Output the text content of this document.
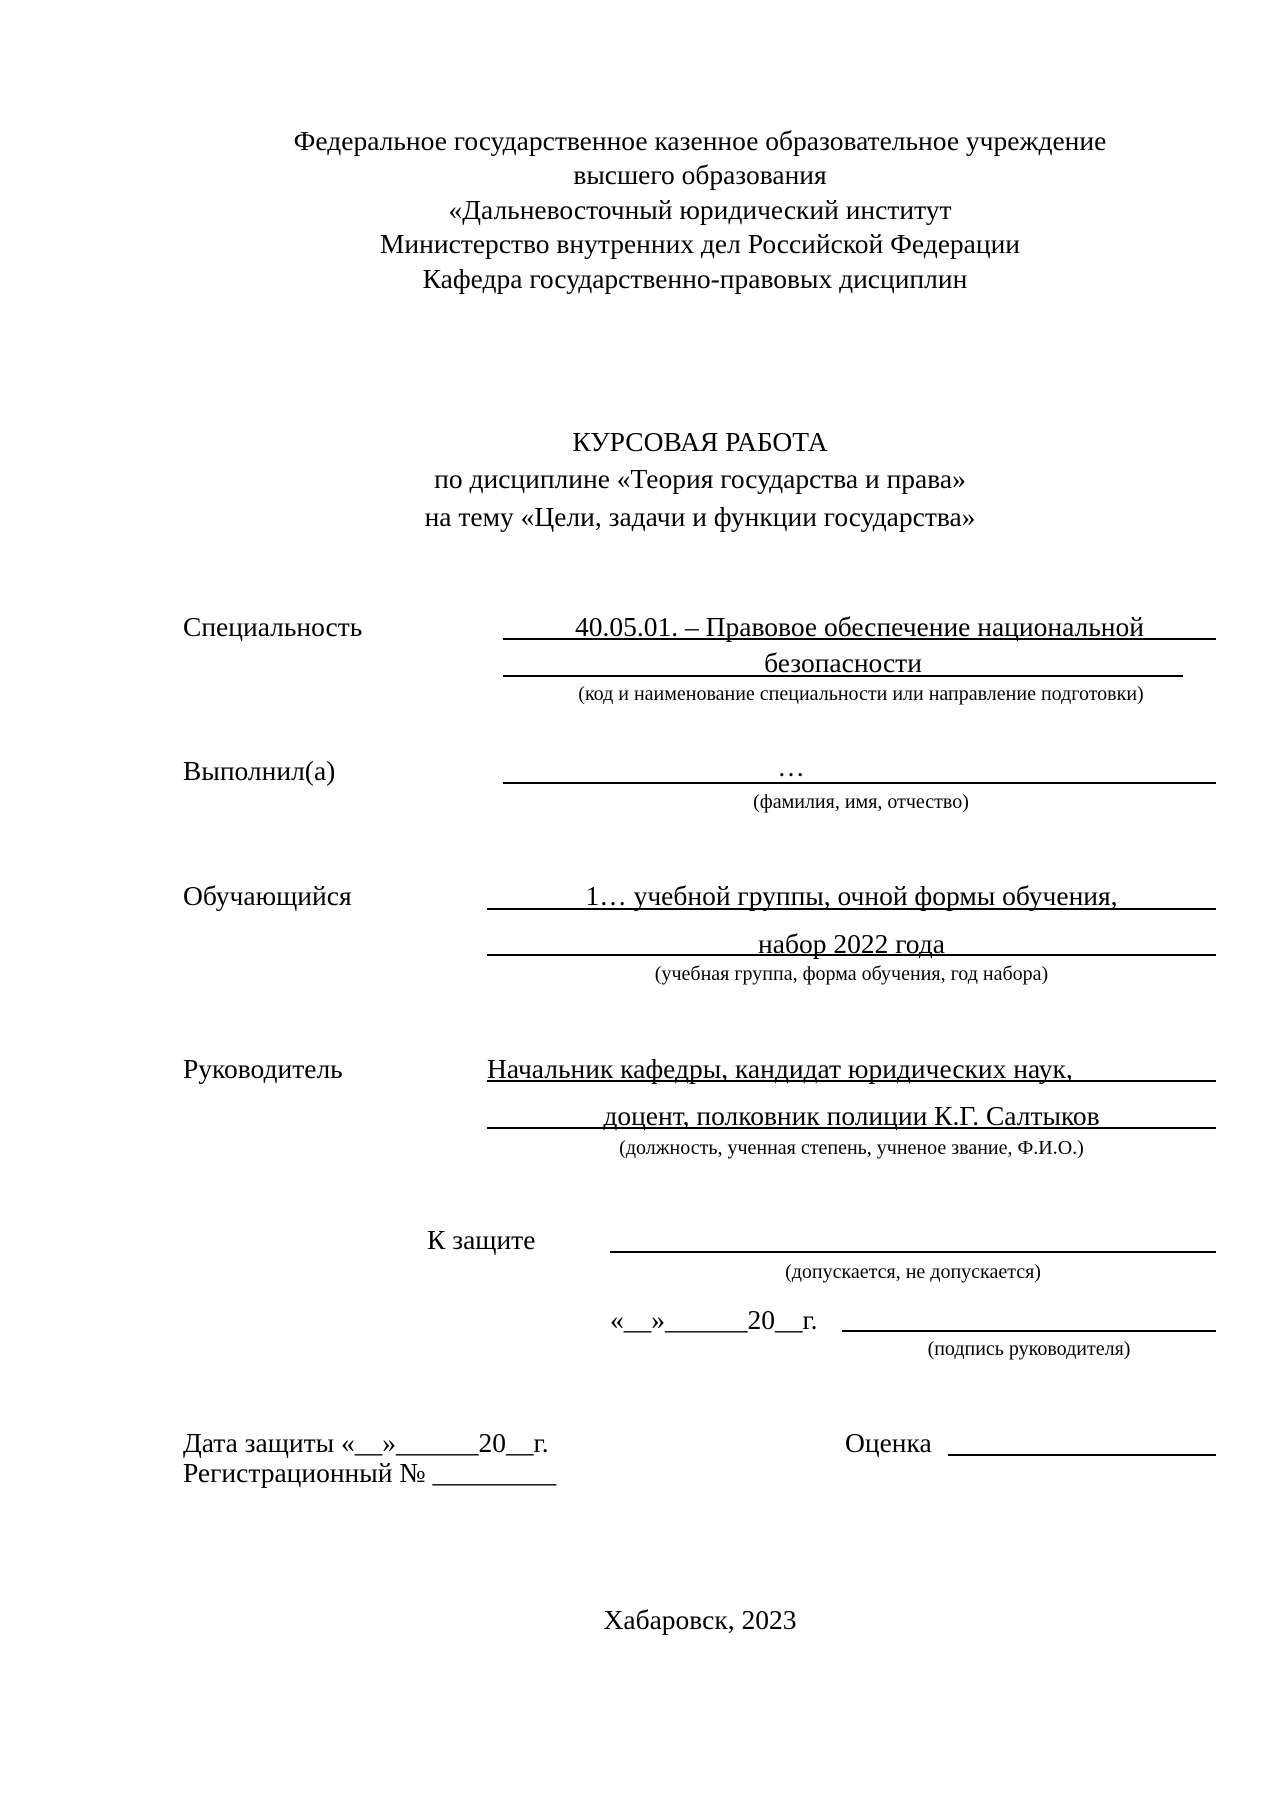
Федеральное государственное казенное образовательное учреждение
высшего образования
«Дальневосточный юридический институт
Министерство внутренних дел Российской Федерации
Кафедра государственно-правовых дисциплин
КУРСОВАЯ РАБОТА
по дисциплине «Теория государства и права»
на тему «Цели, задачи и функции государства»
Специальность	40.05.01. – Правовое обеспечение национальной
безопасности
(код и наименование специальности или направление подготовки)
Выполнил(а)	…
(фамилия, имя, отчество)
Обучающийся	1… учебной группы, очной формы обучения,
набор 2022 года
(учебная группа, форма обучения, год набора)
Руководитель	Начальник кафедры, кандидат юридических наук,
доцент, полковник полиции К.Г. Салтыков
(должность, ученная степень, учненое звание, Ф.И.О.)
К защите
(допускается, не допускается)
«__»______20__г.
(подпись руководителя)
Дата защиты «__»______20__г.	Оценка
Регистрационный № _________
Хабаровск, 2023
